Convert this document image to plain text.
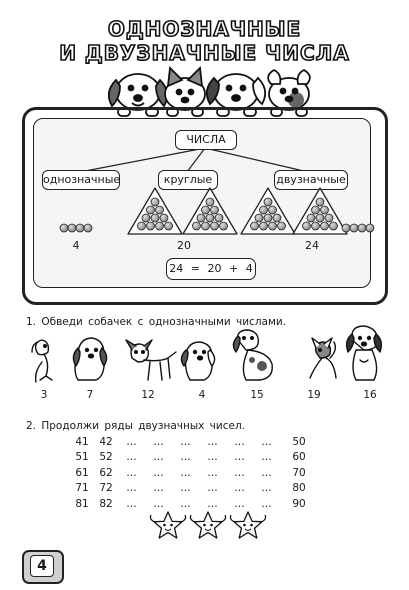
ОДНОЗНАЧНЫЕ
И ДВУЗНАЧНЫЕ ЧИСЛА
ЧИСЛА
однозначные	круглые	двузначные
4	20	24
24 = 20 + 4
1. Обведи собачек с однозначными числами.
3	7	12	4	15	19	16
2. Продолжи ряды двузначных чисел.
41	42	…	…	…	…	…	…	50
51	52	…	…	…	…	…	…	60
61	62	…	…	…	…	…	…	70
71	72	…	…	…	…	…	…	80
81	82	…	…	…	…	…	…	90
4
